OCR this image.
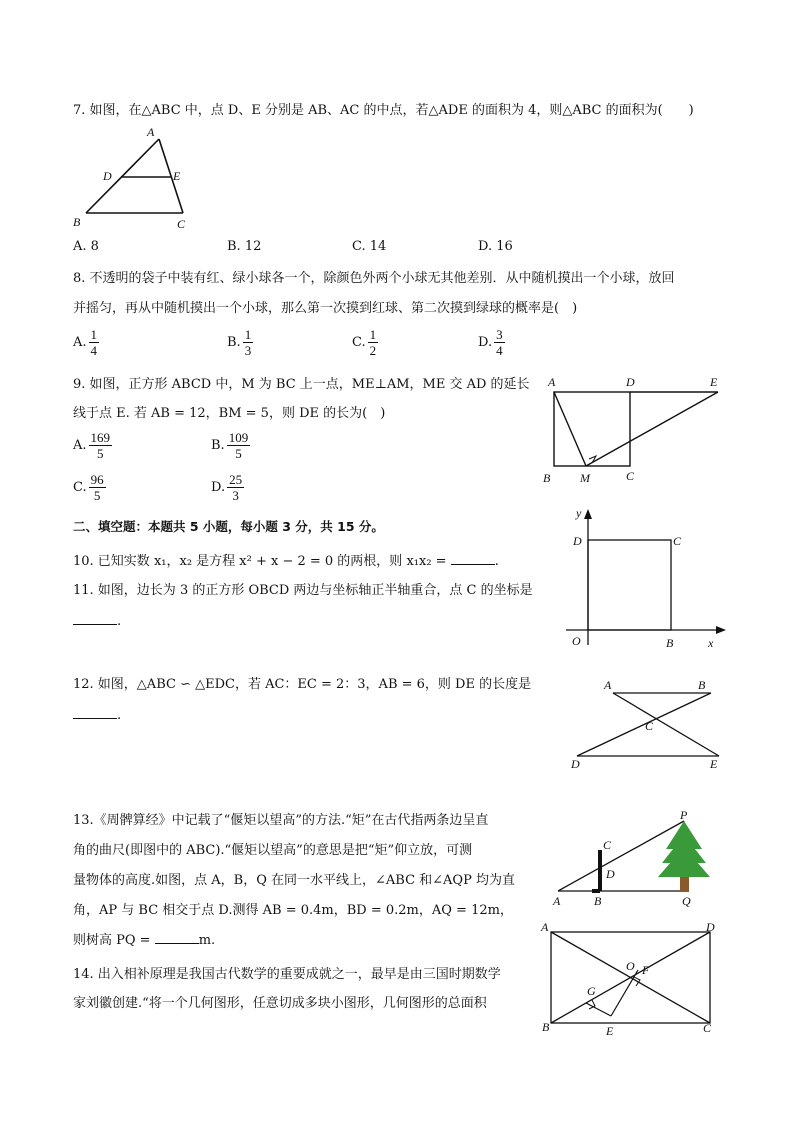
7. 如图，在△ABC 中，点 D、E 分别是 AB、AC 的中点，若△ADE 的面积为 4，则△ABC 的面积为(　　)
A
D	E
B	C
A. 8	B. 12	C. 14	D. 16
8. 不透明的袋子中装有红、绿小球各一个，除颜色外两个小球无其他差别．从中随机摸出一个小球，放回
并摇匀，再从中随机摸出一个小球，那么第一次摸到红球、第二次摸到绿球的概率是(　)
A. $\frac{1}{4}$	B. $\frac{1}{3}$	C. $\frac{1}{2}$	D. $\frac{3}{4}$
9. 如图，正方形 ABCD 中，M 为 BC 上一点，ME⊥AM，ME 交 AD 的延长
线于点 E. 若 AB = 12，BM = 5，则 DE 的长为(　)
A. $\frac{169}{5}$	B. $\frac{109}{5}$
C. $\frac{96}{5}$	D. $\frac{25}{3}$
A	D	E
B M	C
二、填空题：本题共 5 小题，每小题 3 分，共 15 分。
10. 已知实数 x₁，x₂ 是方程 x² + x − 2 = 0 的两根，则 x₁x₂ =	.
11. 如图，边长为 3 的正方形 OBCD 两边与坐标轴正半轴重合，点 C 的坐标是
.
y
x
O	B
C
D
12. 如图，△ABC ∽ △EDC，若 AC：EC = 2：3，AB = 6，则 DE 的长度是
.
A	B
C
D	E
13.《周髀算经》中记载了“偃矩以望高”的方法.“矩”在古代指两条边呈直
角的曲尺(即图中的 ABC).“偃矩以望高”的意思是把“矩”仰立放，可测
量物体的高度.如图，点 A，B，Q 在同一水平线上，∠ABC 和∠AQP 均为直
角，AP 与 BC 相交于点 D.测得 AB = 0.4m，BD = 0.2m，AQ = 12m，
则树高 PQ =	m.
P
C
D
A	B	Q
14. 出入相补原理是我国古代数学的重要成就之一，最早是由三国时期数学
家刘徽创建.“将一个几何图形，任意切成多块小图形，几何图形的总面积
A	D
O F
G
B	C
E
